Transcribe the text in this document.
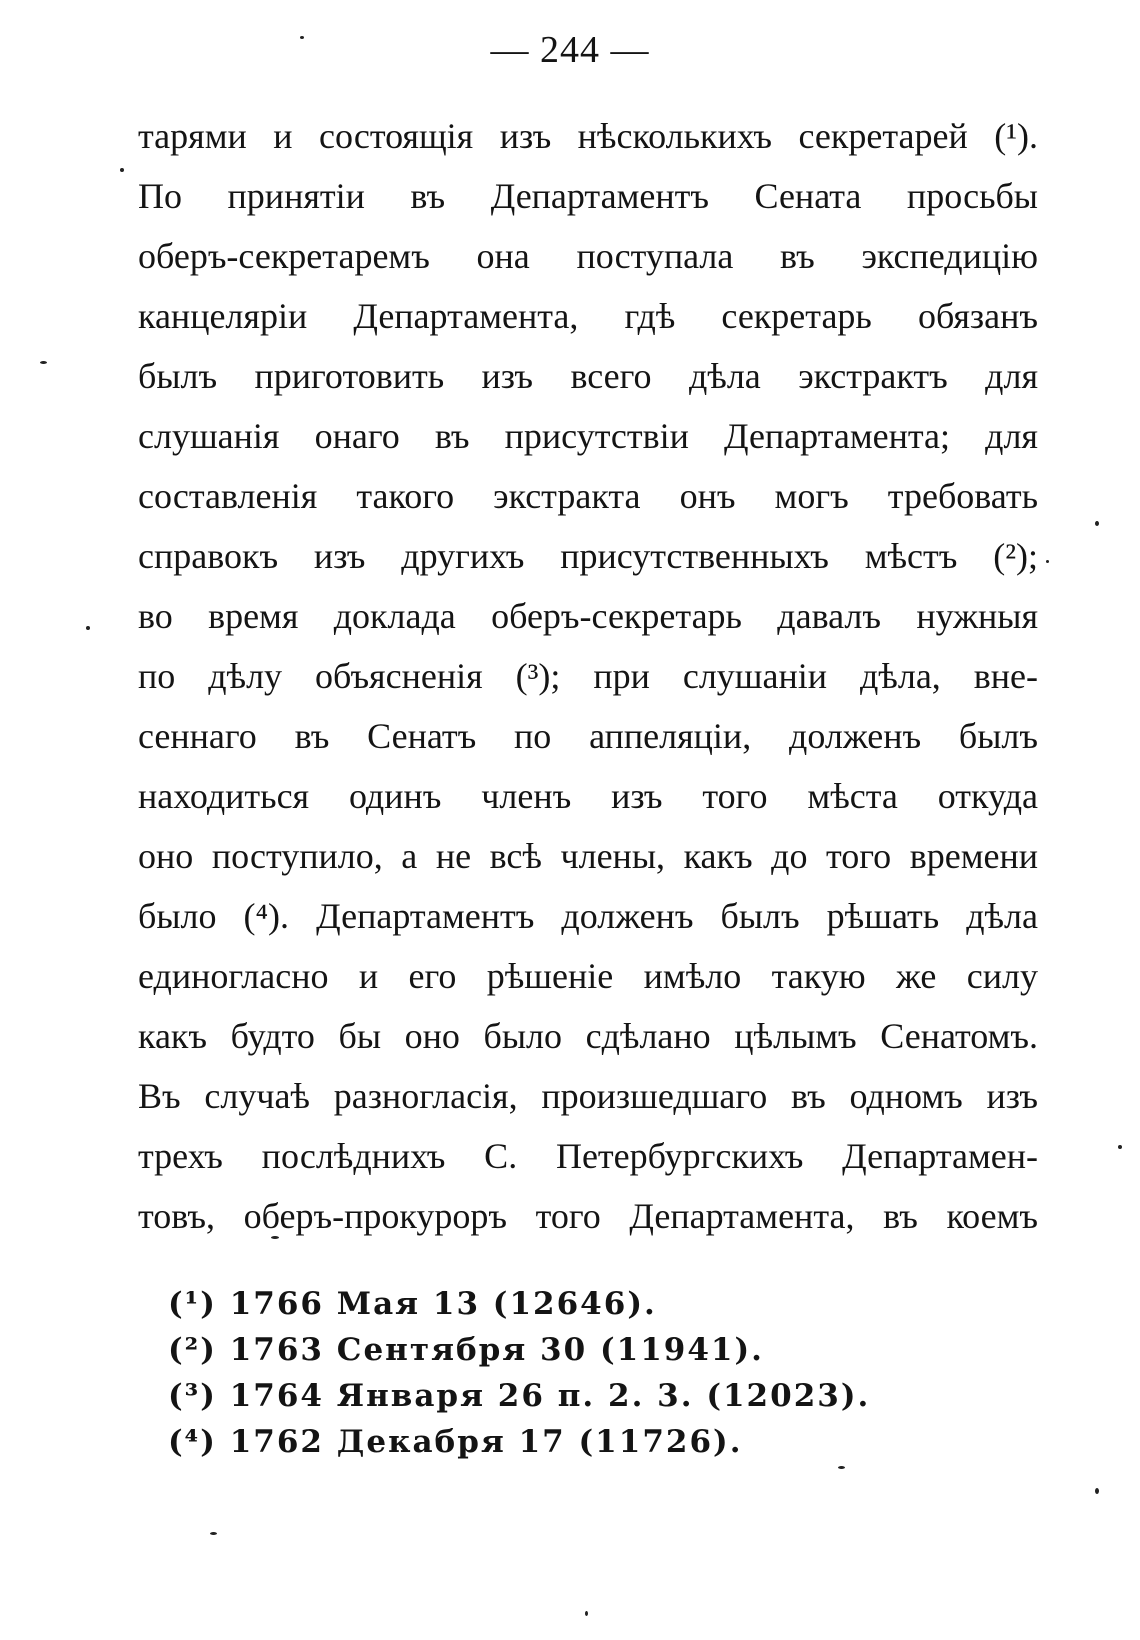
— 244 —
тарями и состоящія изъ нѣсколькихъ секретарей (¹).
По принятіи въ Департаментъ Сената просьбы
оберъ-секретаремъ она поступала въ экспедицію
канцеляріи Департамента, гдѣ секретарь обязанъ
былъ приготовить изъ всего дѣла экстрактъ для
слушанія онаго въ присутствіи Департамента; для
составленія такого экстракта онъ могъ требовать
справокъ изъ другихъ присутственныхъ мѣстъ (²);
во время доклада оберъ-секретарь давалъ нужныя
по дѣлу объясненія (³); при слушаніи дѣла, вне-
сеннаго въ Сенатъ по аппеляціи, долженъ былъ
находиться одинъ членъ изъ того мѣста откуда
оно поступило, а не всѣ члены, какъ до того времени
было (⁴). Департаментъ долженъ былъ рѣшать дѣла
единогласно и его рѣшеніе имѣло такую же силу
какъ будто бы оно было сдѣлано цѣлымъ Сенатомъ.
Въ случаѣ разногласія, произшедшаго въ одномъ изъ
трехъ послѣднихъ С. Петербургскихъ Департамен-
товъ, оберъ-прокуроръ того Департамента, въ коемъ
(¹) 1766 Мая 13 (12646).
(²) 1763 Сентября 30 (11941).
(³) 1764 Января 26 п. 2. 3. (12023).
(⁴) 1762 Декабря 17 (11726).
